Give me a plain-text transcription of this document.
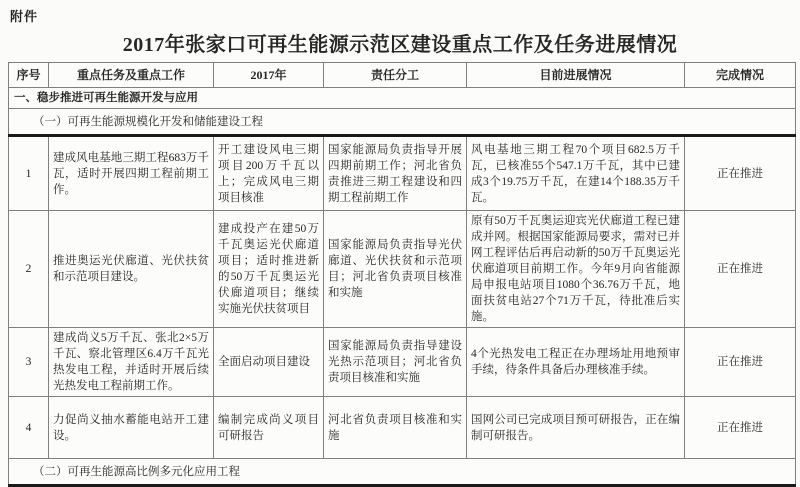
附件
2017年张家口可再生能源示范区建设重点工作及任务进展情况
序号	重点任务及重点工作	2017年	责任分工	目前进展情况	完成情况
一、稳步推进可再生能源开发与应用					
（一）可再生能源规模化开发和储能建设工程					
1	建成风电基地三期工程683万千瓦，适时开展四期工程前期工作。	开工建设风电三期项目200万千瓦以上；完成风电三期项目核准	国家能源局负责指导开展四期前期工作；河北省负责推进三期工程建设和四期工程前期工作	风电基地三期工程70个项目682.5万千瓦，已核准55个547.1万千瓦，其中已建成3个19.75万千瓦，在建14个188.35万千瓦。	正在推进
2	推进奥运光伏廊道、光伏扶贫和示范项目建设。	建成投产在建50万千瓦奥运光伏廊道项目；适时推进新的50万千瓦奥运光伏廊道项目；继续实施光伏扶贫项目	国家能源局负责指导光伏廊道、光伏扶贫和示范项目；河北省负责项目核准和实施	原有50万千瓦奥运迎宾光伏廊道工程已建成并网。根据国家能源局要求，需对已并网工程评估后再启动新的50万千瓦奥运光伏廊道项目前期工作。今年9月向省能源局申报电站项目1080个36.76万千瓦，地面扶贫电站27个71万千瓦，待批准后实施。	正在推进
3	建成尚义5万千瓦、张北2×5万千瓦、察北管理区6.4万千瓦光热发电工程，并适时开展后续光热发电工程前期工作。	全面启动项目建设	国家能源局负责指导建设光热示范项目；河北省负责项目核准和实施	4个光热发电工程正在办理场址用地预审手续，待条件具备后办理核准手续。	正在推进
4	力促尚义抽水蓄能电站开工建设。	编制完成尚义项目可研报告	河北省负责项目核准和实施	国网公司已完成项目预可研报告，正在编制可研报告。	正在推进
（二）可再生能源高比例多元化应用工程					
